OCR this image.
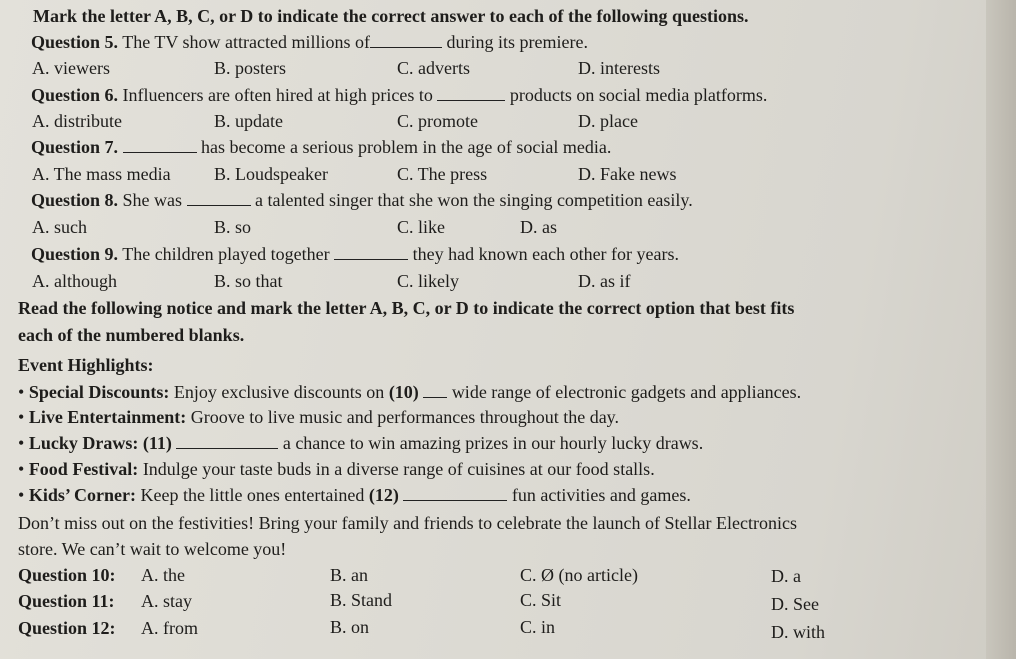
Mark the letter A, B, C, or D to indicate the correct answer to each of the following questions.
Question 5. The TV show attracted millions of	during its premiere.
A. viewers	B. posters	C. adverts	D. interests
Question 6. Influencers are often hired at high prices to	products on social media platforms.
A. distribute	B. update	C. promote	D. place
Question 7.	has become a serious problem in the age of social media.
A. The mass media B. Loudspeaker	C. The press	D. Fake news
Question 8. She was	a talented singer that she won the singing competition easily.
A. such	B. so	C. like	D. as
Question 9. The children played together	they had known each other for years.
A. although	B. so that	C. likely	D. as if
Read the following notice and mark the letter A, B, C, or D to indicate the correct option that best fits
each of the numbered blanks.
Event Highlights:
• Special Discounts: Enjoy exclusive discounts on (10) wide range of electronic gadgets and appliances.
• Live Entertainment: Groove to live music and performances throughout the day.
• Lucky Draws: (11)	a chance to win amazing prizes in our hourly lucky draws.
• Food Festival: Indulge your taste buds in a diverse range of cuisines at our food stalls.
• Kids’ Corner: Keep the little ones entertained (12)	fun activities and games.
Don’t miss out on the festivities! Bring your family and friends to celebrate the launch of Stellar Electronics
store. We can’t wait to welcome you!
Question 10: A. the	B. an	C. Ø (no article)	D. a
Question 11: A. stay	B. Stand	C. Sit	D. See
Question 12: A. from	B. on	C. in	D. with
